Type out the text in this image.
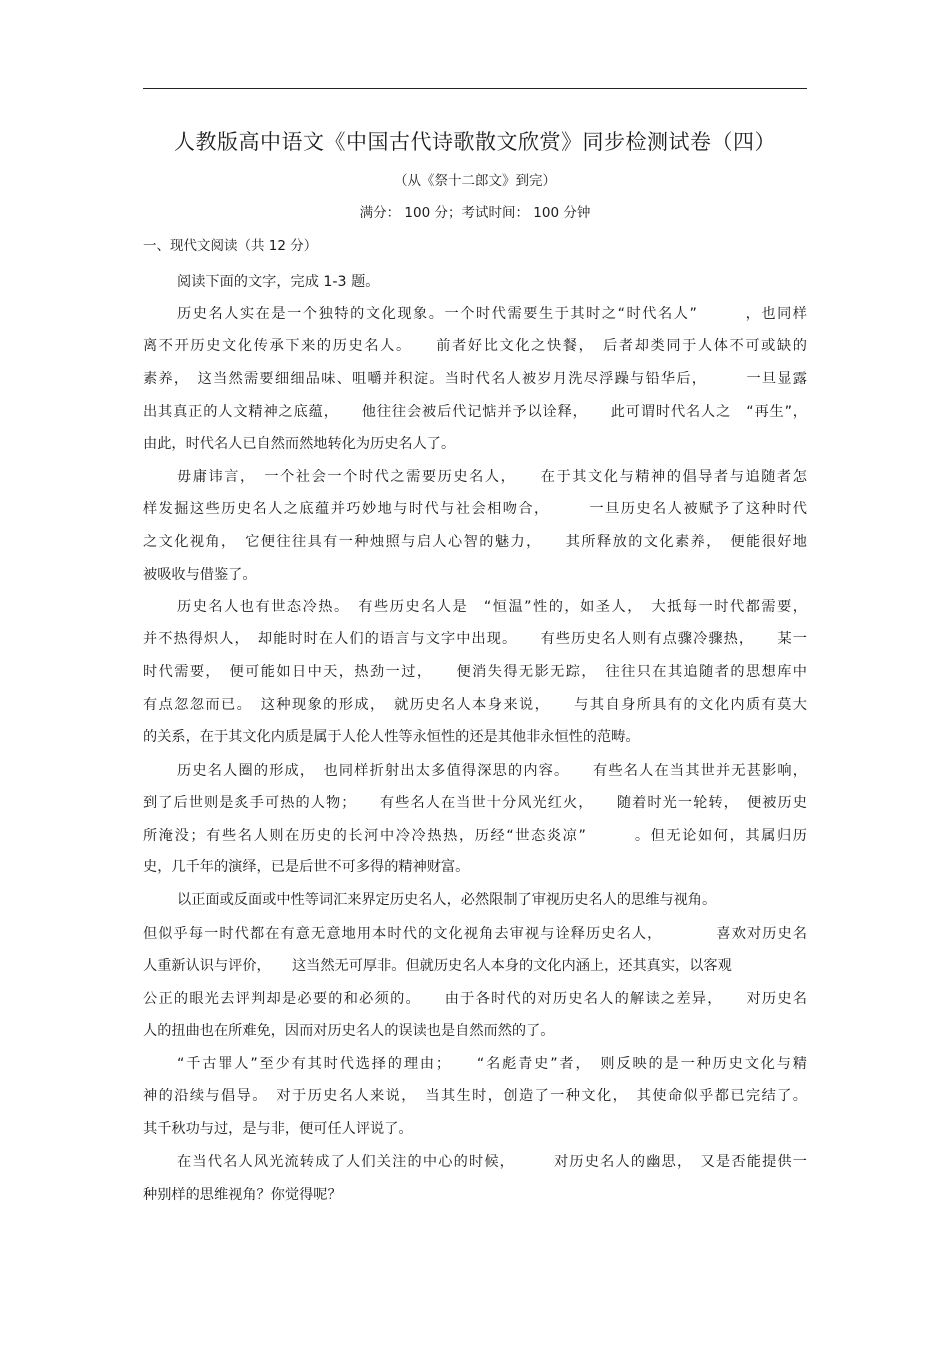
人教版高中语文《中国古代诗歌散文欣赏》同步检测试卷（四）
（从《祭十二郎文》到完）
满分： 100 分；考试时间： 100 分钟
一、现代文阅读（共 12 分）
阅读下面的文字，完成 1-3 题。
历史名人实在是一个独特的文化现象。一个时代需要生于其时之“时代名人”　　　，也同样
离不开历史文化传承下来的历史名人。　　前者好比文化之快餐，　后者却类同于人体不可或缺的
素养，　这当然需要细细品味、咀嚼并积淀。当时代名人被岁月洗尽浮躁与铅华后，　　　一旦显露
出其真正的人文精神之底蕴，　　他往往会被后代记惦并予以诠释，　　此可谓时代名人之　“再生”，
由此，时代名人已自然而然地转化为历史名人了。
毋庸讳言，　一个社会一个时代之需要历史名人，　　在于其文化与精神的倡导者与追随者怎
样发掘这些历史名人之底蕴并巧妙地与时代与社会相吻合，　　　一旦历史名人被赋予了这种时代
之文化视角，　它便往往具有一种烛照与启人心智的魅力，　　其所释放的文化素养，　便能很好地
被吸收与借鉴了。
历史名人也有世态冷热。　有些历史名人是　“恒温”性的，如圣人，　大抵每一时代都需要，
并不热得炽人，　却能时时在人们的语言与文字中出现。　　有些历史名人则有点骤冷骤热，　　某一
时代需要，　便可能如日中天，热劲一过，　　便消失得无影无踪，　往往只在其追随者的思想库中
有点忽忽而已。　这种现象的形成，　就历史名人本身来说，　　与其自身所具有的文化内质有莫大
的关系，在于其文化内质是属于人伦人性等永恒性的还是其他非永恒性的范畴。
历史名人圈的形成，　也同样折射出太多值得深思的内容。　　有些名人在当其世并无甚影响，
到了后世则是炙手可热的人物；　　有些名人在当世十分风光红火，　　随着时光一轮转，　便被历史
所淹没；有些名人则在历史的长河中冷冷热热，历经“世态炎凉”　　　。但无论如何，其属归历
史，几千年的演绎，已是后世不可多得的精神财富。
以正面或反面或中性等词汇来界定历史名人，必然限制了审视历史名人的思维与视角。
但似乎每一时代都在有意无意地用本时代的文化视角去审视与诠释历史名人，　　　　喜欢对历史名
人重新认识与评价，　　这当然无可厚非。但就历史名人本身的文化内涵上，还其真实，以客观
公正的眼光去评判却是必要的和必须的。　　由于各时代的对历史名人的解读之差异，　　对历史名
人的扭曲也在所难免，因而对历史名人的误读也是自然而然的了。
“千古罪人”至少有其时代选择的理由；　　“名彪青史”者，　则反映的是一种历史文化与精
神的沿续与倡导。　对于历史名人来说，　当其生时，创造了一种文化，　其使命似乎都已完结了。
其千秋功与过，是与非，便可任人评说了。
在当代名人风光流转成了人们关注的中心的时候，　　　对历史名人的幽思，　又是否能提供一
种别样的思维视角？你觉得呢？
